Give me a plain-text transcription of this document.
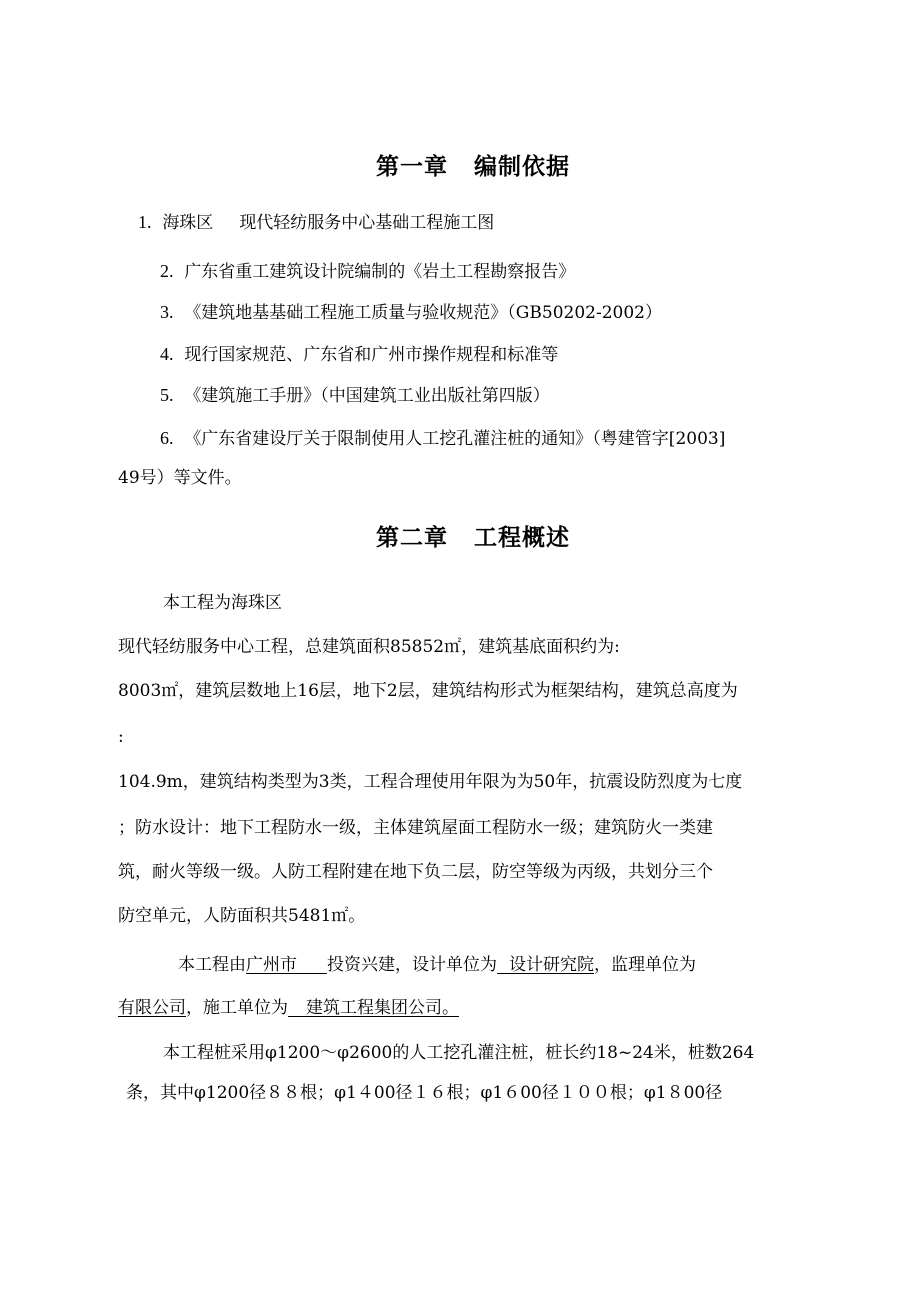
第一章 编制依据
1. 海珠区 现代轻纺服务中心基础工程施工图
2. 广东省重工建筑设计院编制的《岩土工程勘察报告》
3. 《建筑地基基础工程施工质量与验收规范》（GB50202-2002）
4. 现行国家规范、广东省和广州市操作规程和标准等
5. 《建筑施工手册》（中国建筑工业出版社第四版）
6. 《广东省建设厅关于限制使用人工挖孔灌注桩的通知》（粤建管字[2003]
49号）等文件。
第二章 工程概述
本工程为海珠区
现代轻纺服务中心工程，总建筑面积85852㎡，建筑基底面积约为:
8003㎡，建筑层数地上16层，地下2层，建筑结构形式为框架结构，建筑总高度为
:
104.9m，建筑结构类型为3类，工程合理使用年限为为50年，抗震设防烈度为七度
；防水设计：地下工程防水一级，主体建筑屋面工程防水一级；建筑防火一类建
筑，耐火等级一级。人防工程附建在地下负二层，防空等级为丙级，共划分三个
防空单元，人防面积共5481㎡。
本工程由广州市 投资兴建，设计单位为 设计研究院，监理单位为
有限公司，施工单位为 建筑工程集团公司。
本工程桩采用φ1200～φ2600的人工挖孔灌注桩，桩长约18~24米，桩数264
条，其中φ1200径８８根；φ1４00径１６根；φ1６00径１００根；φ1８00径
